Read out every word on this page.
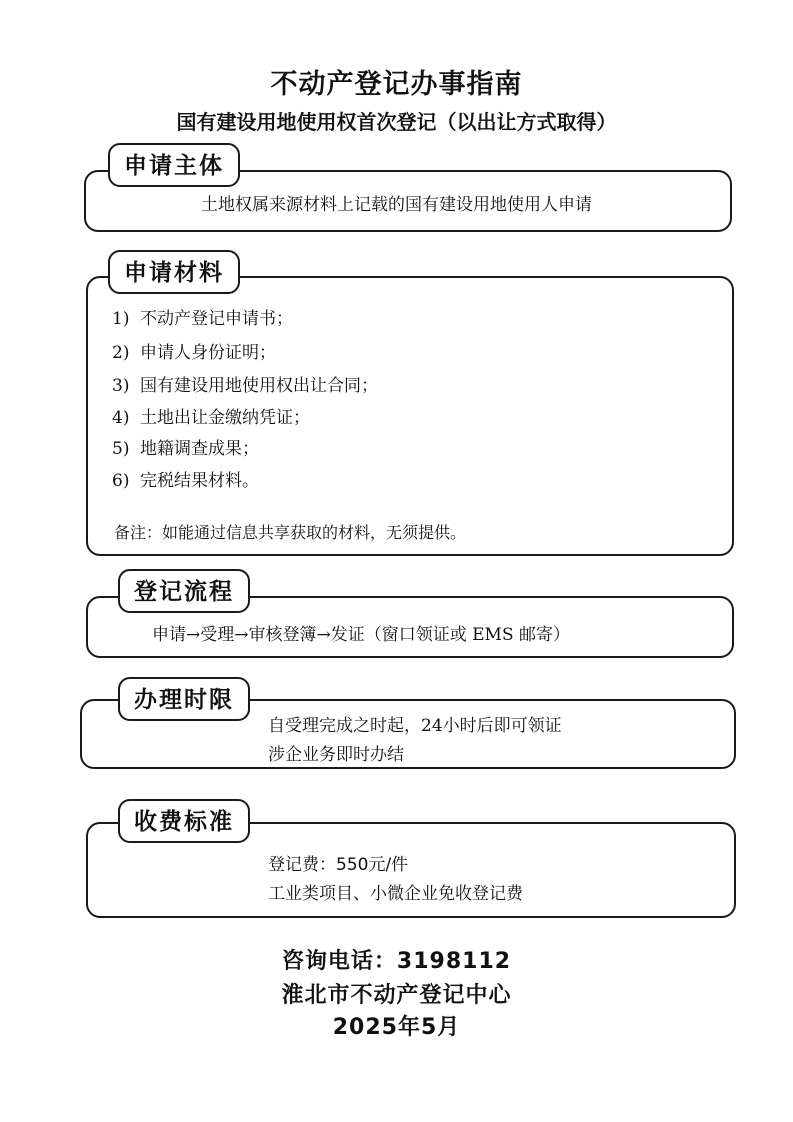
不动产登记办事指南
国有建设用地使用权首次登记（以出让方式取得）
申请主体
土地权属来源材料上记载的国有建设用地使用人申请
申请材料
1) 不动产登记申请书；
2) 申请人身份证明；
3) 国有建设用地使用权出让合同；
4) 土地出让金缴纳凭证；
5) 地籍调查成果；
6) 完税结果材料。
备注：如能通过信息共享获取的材料，无须提供。
登记流程
申请→受理→审核登簿→发证（窗口领证或 EMS 邮寄）
办理时限
自受理完成之时起，24小时后即可领证
涉企业务即时办结
收费标准
登记费：550元/件
工业类项目、小微企业免收登记费
咨询电话：3198112
淮北市不动产登记中心
2025年5月
